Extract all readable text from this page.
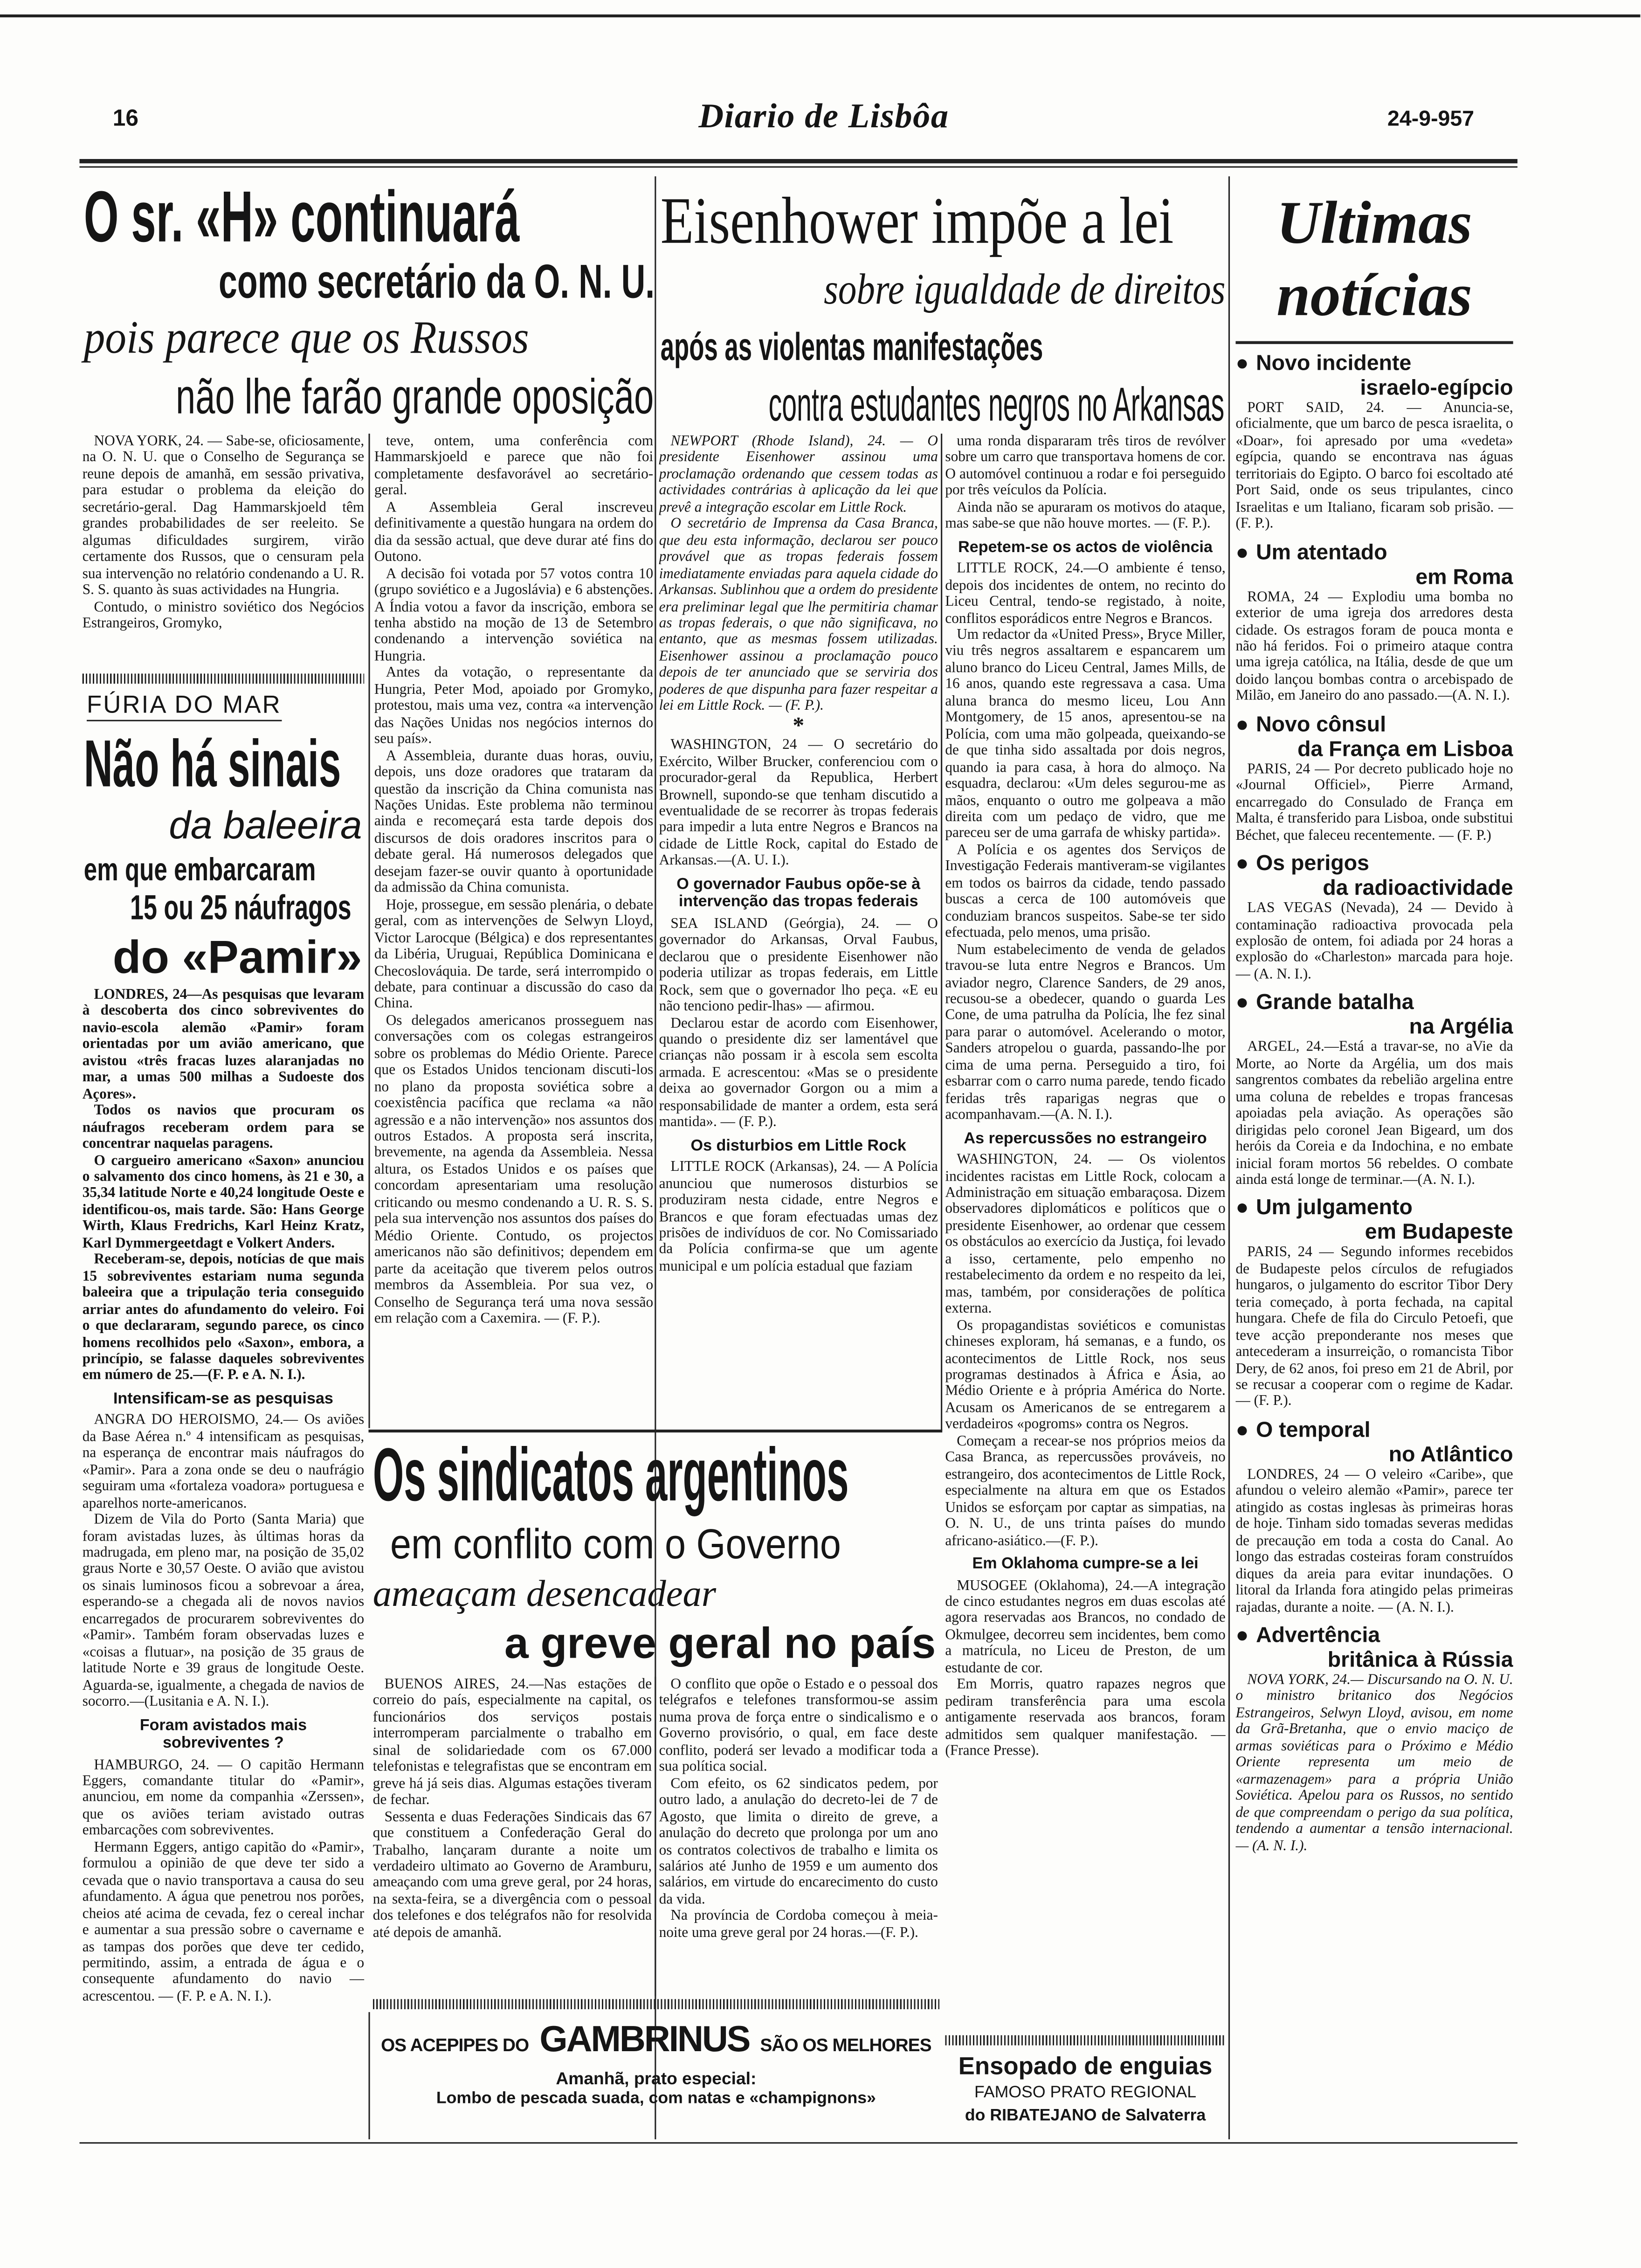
16	Diario de Lisbôa	24-9-957
O sr. «H» continuará
como secretário da O. N. U.
pois parece que os Russos
não lhe farão grande oposição

NOVA YORK, 24. — Sabe-se, oficiosamente, na O. N. U. que o Conselho de Segurança se reune depois de amanhã, em sessão privativa, para estudar o problema da eleição do secretário-geral. Dag Hammarskjoeld têm grandes probabilidades de ser reeleito. Se algumas dificuldades surgirem, virão certamente dos Russos, que o censuram pela sua intervenção no relatório condenando a U. R. S. S. quanto às suas actividades na Hungria.

Contudo, o ministro soviético dos Negócios Estrangeiros, Gromyko,

teve, ontem, uma conferência com Hammarskjoeld e parece que não foi completamente desfavorável ao secretário-geral.

A Assembleia Geral inscreveu definitivamente a questão hungara na ordem do dia da sessão actual, que deve durar até fins do Outono.

A decisão foi votada por 57 votos contra 10 (grupo soviético e a Jugoslávia) e 6 abstenções. A Índia votou a favor da inscrição, embora se tenha abstido na moção de 13 de Setembro condenando a intervenção soviética na Hungria.

Antes da votação, o representante da Hungria, Peter Mod, apoiado por Gromyko, protestou, mais uma vez, contra «a intervenção das Nações Unidas nos negócios internos do seu país».

A Assembleia, durante duas horas, ouviu, depois, uns doze oradores que trataram da questão da inscrição da China comunista nas Nações Unidas. Este problema não terminou ainda e recomeçará esta tarde depois dos discursos de dois oradores inscritos para o debate geral. Há numerosos delegados que desejam fazer-se ouvir quanto à oportunidade da admissão da China comunista.

Hoje, prossegue, em sessão plenária, o debate geral, com as intervenções de Selwyn Lloyd, Victor Larocque (Bélgica) e dos representantes da Libéria, Uruguai, República Dominicana e Checoslováquia. De tarde, será interrompido o debate, para continuar a discussão do caso da China.

Os delegados americanos prosseguem nas conversações com os colegas estrangeiros sobre os problemas do Médio Oriente. Parece que os Estados Unidos tencionam discuti-los no plano da proposta soviética sobre a coexistência pacífica que reclama «a não agressão e a não intervenção» nos assuntos dos outros Estados. A proposta será inscrita, brevemente, na agenda da Assembleia. Nessa altura, os Estados Unidos e os países que concordam apresentariam uma resolução criticando ou mesmo condenando a U. R. S. S. pela sua intervenção nos assuntos dos países do Médio Oriente. Contudo, os projectos americanos não são definitivos; dependem em parte da aceitação que tiverem pelos outros membros da Assembleia. Por sua vez, o Conselho de Segurança terá uma nova sessão em relação com a Caxemira. — (F. P.).

FÚRIA DO MAR
Não há sinais
da baleeira
em que embarcaram
15 ou 25 náufragos
do «Pamir»

LONDRES, 24—As pesquisas que levaram à descoberta dos cinco sobreviventes do navio-escola alemão «Pamir» foram orientadas por um avião americano, que avistou «três fracas luzes alaranjadas no mar, a umas 500 milhas a Sudoeste dos Açores».

Todos os navios que procuram os náufragos receberam ordem para se concentrar naquelas paragens.

O cargueiro americano «Saxon» anunciou o salvamento dos cinco homens, às 21 e 30, a 35,34 latitude Norte e 40,24 longitude Oeste e identificou-os, mais tarde. São: Hans George Wirth, Klaus Fredrichs, Karl Heinz Kratz, Karl Dymmergeetdagt e Volkert Anders.

Receberam-se, depois, notícias de que mais 15 sobreviventes estariam numa segunda baleeira que a tripulação teria conseguido arriar antes do afundamento do veleiro. Foi o que declararam, segundo parece, os cinco homens recolhidos pelo «Saxon», embora, a princípio, se falasse daqueles sobreviventes em número de 25.—(F. P. e A. N. I.).

Intensificam-se as pesquisas

ANGRA DO HEROISMO, 24.— Os aviões da Base Aérea n.º 4 intensificam as pesquisas, na esperança de encontrar mais náufragos do «Pamir». Para a zona onde se deu o naufrágio seguiram uma «fortaleza voadora» portuguesa e aparelhos norte-americanos.

Dizem de Vila do Porto (Santa Maria) que foram avistadas luzes, às últimas horas da madrugada, em pleno mar, na posição de 35,02 graus Norte e 30,57 Oeste. O avião que avistou os sinais luminosos ficou a sobrevoar a área, esperando-se a chegada ali de novos navios encarregados de procurarem sobreviventes do «Pamir». Também foram observadas luzes e «coisas a flutuar», na posição de 35 graus de latitude Norte e 39 graus de longitude Oeste. Aguarda-se, igualmente, a chegada de navios de socorro.—(Lusitania e A. N. I.).

Foram avistados mais sobreviventes ?

HAMBURGO, 24. — O capitão Hermann Eggers, comandante titular do «Pamir», anunciou, em nome da companhia «Zerssen», que os aviões teriam avistado outras embarcações com sobreviventes.

Hermann Eggers, antigo capitão do «Pamir», formulou a opinião de que deve ter sido a cevada que o navio transportava a causa do seu afundamento. A água que penetrou nos porões, cheios até acima de cevada, fez o cereal inchar e aumentar a sua pressão sobre o cavername e as tampas dos porões que deve ter cedido, permitindo, assim, a entrada de água e o consequente afundamento do navio — acrescentou. — (F. P. e A. N. I.).

Eisenhower impõe a lei
sobre igualdade de direitos
após as violentas manifestações
contra estudantes negros no Arkansas

NEWPORT (Rhode Island), 24. — O presidente Eisenhower assinou uma proclamação ordenando que cessem todas as actividades contrárias à aplicação da lei que prevê a integração escolar em Little Rock.

O secretário de Imprensa da Casa Branca, que deu esta informação, declarou ser pouco provável que as tropas federais fossem imediatamente enviadas para aquela cidade do Arkansas. Sublinhou que a ordem do presidente era preliminar legal que lhe permitiria chamar as tropas federais, o que não significava, no entanto, que as mesmas fossem utilizadas. Eisenhower assinou a proclamação pouco depois de ter anunciado que se serviria dos poderes de que dispunha para fazer respeitar a lei em Little Rock. — (F. P.).

*

WASHINGTON, 24 — O secretário do Exército, Wilber Brucker, conferenciou com o procurador-geral da Republica, Herbert Brownell, supondo-se que tenham discutido a eventualidade de se recorrer às tropas federais para impedir a luta entre Negros e Brancos na cidade de Little Rock, capital do Estado de Arkansas.—(A. U. I.).

O governador Faubus opõe-se à intervenção das tropas federais

SEA ISLAND (Geórgia), 24. — O governador do Arkansas, Orval Faubus, declarou que o presidente Eisenhower não poderia utilizar as tropas federais, em Little Rock, sem que o governador lho peça. «E eu não tenciono pedir-lhas» — afirmou.

Declarou estar de acordo com Eisenhower, quando o presidente diz ser lamentável que crianças não possam ir à escola sem escolta armada. E acrescentou: «Mas se o presidente deixa ao governador Gorgon ou a mim a responsabilidade de manter a ordem, esta será mantida». — (F. P.).

Os disturbios em Little Rock

LITTLE ROCK (Arkansas), 24. — A Polícia anunciou que numerosos disturbios se produziram nesta cidade, entre Negros e Brancos e que foram efectuadas umas dez prisões de indivíduos de cor. No Comissariado da Polícia confirma-se que um agente municipal e um polícia estadual que faziam

uma ronda dispararam três tiros de revólver sobre um carro que transportava homens de cor. O automóvel continuou a rodar e foi perseguido por três veículos da Polícia.

Ainda não se apuraram os motivos do ataque, mas sabe-se que não houve mortes. — (F. P.).

Repetem-se os actos de violência

LITTLE ROCK, 24.—O ambiente é tenso, depois dos incidentes de ontem, no recinto do Liceu Central, tendo-se registado, à noite, conflitos esporádicos entre Negros e Brancos.

Um redactor da «United Press», Bryce Miller, viu três negros assaltarem e espancarem um aluno branco do Liceu Central, James Mills, de 16 anos, quando este regressava a casa. Uma aluna branca do mesmo liceu, Lou Ann Montgomery, de 15 anos, apresentou-se na Polícia, com uma mão golpeada, queixando-se de que tinha sido assaltada por dois negros, quando ia para casa, à hora do almoço. Na esquadra, declarou: «Um deles segurou-me as mãos, enquanto o outro me golpeava a mão direita com um pedaço de vidro, que me pareceu ser de uma garrafa de whisky partida».

A Polícia e os agentes dos Serviços de Investigação Federais mantiveram-se vigilantes em todos os bairros da cidade, tendo passado buscas a cerca de 100 automóveis que conduziam brancos suspeitos. Sabe-se ter sido efectuada, pelo menos, uma prisão.

Num estabelecimento de venda de gelados travou-se luta entre Negros e Brancos. Um aviador negro, Clarence Sanders, de 29 anos, recusou-se a obedecer, quando o guarda Les Cone, de uma patrulha da Polícia, lhe fez sinal para parar o automóvel. Acelerando o motor, Sanders atropelou o guarda, passando-lhe por cima de uma perna. Perseguido a tiro, foi esbarrar com o carro numa parede, tendo ficado feridas três raparigas negras que o acompanhavam.—(A. N. I.).

As repercussões no estrangeiro

WASHINGTON, 24. — Os violentos incidentes racistas em Little Rock, colocam a Administração em situação embaraçosa. Dizem observadores diplomáticos e políticos que o presidente Eisenhower, ao ordenar que cessem os obstáculos ao exercício da Justiça, foi levado a isso, certamente, pelo empenho no restabelecimento da ordem e no respeito da lei, mas, também, por considerações de política externa.

Os propagandistas soviéticos e comunistas chineses exploram, há semanas, e a fundo, os acontecimentos de Little Rock, nos seus programas destinados à África e Ásia, ao Médio Oriente e à própria América do Norte. Acusam os Americanos de se entregarem a verdadeiros «pogroms» contra os Negros.

Começam a recear-se nos próprios meios da Casa Branca, as repercussões prováveis, no estrangeiro, dos acontecimentos de Little Rock, especialmente na altura em que os Estados Unidos se esforçam por captar as simpatias, na O. N. U., de uns trinta países do mundo africano-asiático.—(F. P.).

Em Oklahoma cumpre-se a lei

MUSOGEE (Oklahoma), 24.—A integração de cinco estudantes negros em duas escolas até agora reservadas aos Brancos, no condado de Okmulgee, decorreu sem incidentes, bem como a matrícula, no Liceu de Preston, de um estudante de cor.

Em Morris, quatro rapazes negros que pediram transferência para uma escola antigamente reservada aos brancos, foram admitidos sem qualquer manifestação. — (France Presse).

Os sindicatos argentinos
em conflito com o Governo
ameaçam desencadear
a greve geral no país

BUENOS AIRES, 24.—Nas estações de correio do país, especialmente na capital, os funcionários dos serviços postais interromperam parcialmente o trabalho em sinal de solidariedade com os 67.000 telefonistas e telegrafistas que se encontram em greve há já seis dias. Algumas estações tiveram de fechar.

Sessenta e duas Federações Sindicais das 67 que constituem a Confederação Geral do Trabalho, lançaram durante a noite um verdadeiro ultimato ao Governo de Aramburu, ameaçando com uma greve geral, por 24 horas, na sexta-feira, se a divergência com o pessoal dos telefones e dos telégrafos não for resolvida até depois de amanhã.

O conflito que opõe o Estado e o pessoal dos telégrafos e telefones transformou-se assim numa prova de força entre o sindicalismo e o Governo provisório, o qual, em face deste conflito, poderá ser levado a modificar toda a sua política social.

Com efeito, os 62 sindicatos pedem, por outro lado, a anulação do decreto-lei de 7 de Agosto, que limita o direito de greve, a anulação do decreto que prolonga por um ano os contratos colectivos de trabalho e limita os salários até Junho de 1959 e um aumento dos salários, em virtude do encarecimento do custo da vida.

Na província de Cordoba começou à meia-noite uma greve geral por 24 horas.—(F. P.).

OS ACEPIPES DO GAMBRINUS SÃO OS MELHORES
Amanhã, prato especial:
Lombo de pescada suada, com natas e «champignons»
Ensopado de enguias
FAMOSO PRATO REGIONAL
do RIBATEJANO de Salvaterra
Ultimas
notícias
● Novo incidente
israelo-egípcio

PORT SAID, 24. — Anuncia-se, oficialmente, que um barco de pesca israelita, o «Doar», foi apresado por uma «vedeta» egípcia, quando se encontrava nas águas territoriais do Egipto. O barco foi escoltado até Port Said, onde os seus tripulantes, cinco Israelitas e um Italiano, ficaram sob prisão. — (F. P.).

● Um atentado
em Roma

ROMA, 24 — Explodiu uma bomba no exterior de uma igreja dos arredores desta cidade. Os estragos foram de pouca monta e não há feridos. Foi o primeiro ataque contra uma igreja católica, na Itália, desde de que um doido lançou bombas contra o arcebispado de Milão, em Janeiro do ano passado.—(A. N. I.).

● Novo cônsul
da França em Lisboa

PARIS, 24 — Por decreto publicado hoje no «Journal Officiel», Pierre Armand, encarregado do Consulado de França em Malta, é transferido para Lisboa, onde substitui Béchet, que faleceu recentemente. — (F. P.)

● Os perigos
da radioactividade

LAS VEGAS (Nevada), 24 — Devido à contaminação radioactiva provocada pela explosão de ontem, foi adiada por 24 horas a explosão do «Charleston» marcada para hoje. — (A. N. I.).

● Grande batalha
na Argélia

ARGEL, 24.—Está a travar-se, no aVie da Morte, ao Norte da Argélia, um dos mais sangrentos combates da rebelião argelina entre uma coluna de rebeldes e tropas francesas apoiadas pela aviação. As operações são dirigidas pelo coronel Jean Bigeard, um dos heróis da Coreia e da Indochina, e no embate inicial foram mortos 56 rebeldes. O combate ainda está longe de terminar.—(A. N. I.).

● Um julgamento
em Budapeste

PARIS, 24 — Segundo informes recebidos de Budapeste pelos círculos de refugiados hungaros, o julgamento do escritor Tibor Dery teria começado, à porta fechada, na capital hungara. Chefe de fila do Circulo Petoefi, que teve acção preponderante nos meses que antecederam a insurreição, o romancista Tibor Dery, de 62 anos, foi preso em 21 de Abril, por se recusar a cooperar com o regime de Kadar. — (F. P.).

● O temporal
no Atlântico

LONDRES, 24 — O veleiro «Caribe», que afundou o veleiro alemão «Pamir», parece ter atingido as costas inglesas às primeiras horas de hoje. Tinham sido tomadas severas medidas de precaução em toda a costa do Canal. Ao longo das estradas costeiras foram construídos diques da areia para evitar inundações. O litoral da Irlanda fora atingido pelas primeiras rajadas, durante a noite. — (A. N. I.).

● Advertência
britânica à Rússia

NOVA YORK, 24.— Discursando na O. N. U. o ministro britanico dos Negócios Estrangeiros, Selwyn Lloyd, avisou, em nome da Grã-Bretanha, que o envio maciço de armas soviéticas para o Próximo e Médio Oriente representa um meio de «armazenagem» para a própria União Soviética. Apelou para os Russos, no sentido de que compreendam o perigo da sua política, tendendo a aumentar a tensão internacional. — (A. N. I.).
